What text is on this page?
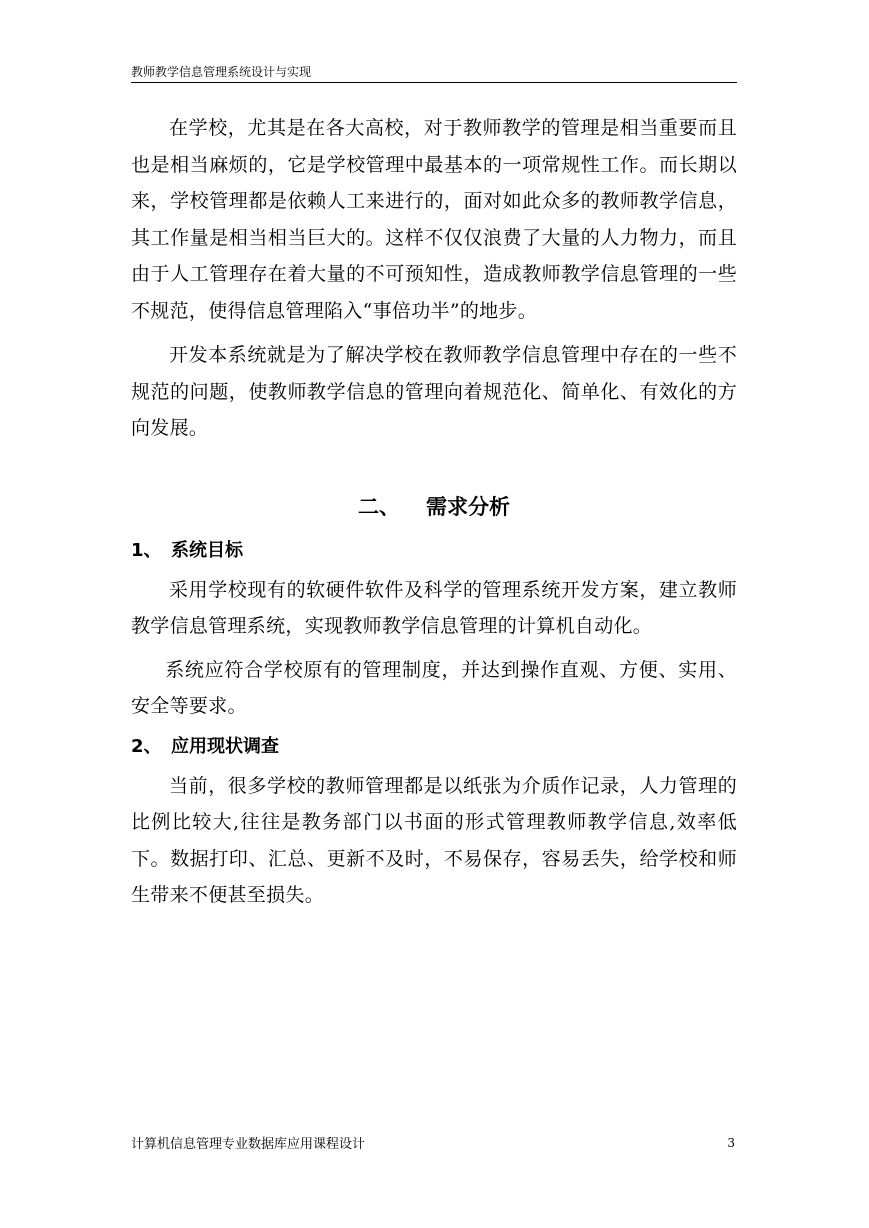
教师教学信息管理系统设计与实现

在学校，尤其是在各大高校，对于教师教学的管理是相当重要而且也是相当麻烦的，它是学校管理中最基本的一项常规性工作。而长期以来，学校管理都是依赖人工来进行的，面对如此众多的教师教学信息，其工作量是相当相当巨大的。这样不仅仅浪费了大量的人力物力，而且由于人工管理存在着大量的不可预知性，造成教师教学信息管理的一些不规范，使得信息管理陷入“事倍功半”的地步。

开发本系统就是为了解决学校在教师教学信息管理中存在的一些不规范的问题，使教师教学信息的管理向着规范化、简单化、有效化的方向发展。

二、 需求分析
1、 系统目标

采用学校现有的软硬件软件及科学的管理系统开发方案，建立教师教学信息管理系统，实现教师教学信息管理的计算机自动化。

系统应符合学校原有的管理制度，并达到操作直观、方便、实用、安全等要求。

2、 应用现状调查

当前，很多学校的教师管理都是以纸张为介质作记录，人力管理的比例比较大,往往是教务部门以书面的形式管理教师教学信息,效率低下。数据打印、汇总、更新不及时，不易保存，容易丢失，给学校和师生带来不便甚至损失。

计算机信息管理专业数据库应用课程设计	3
